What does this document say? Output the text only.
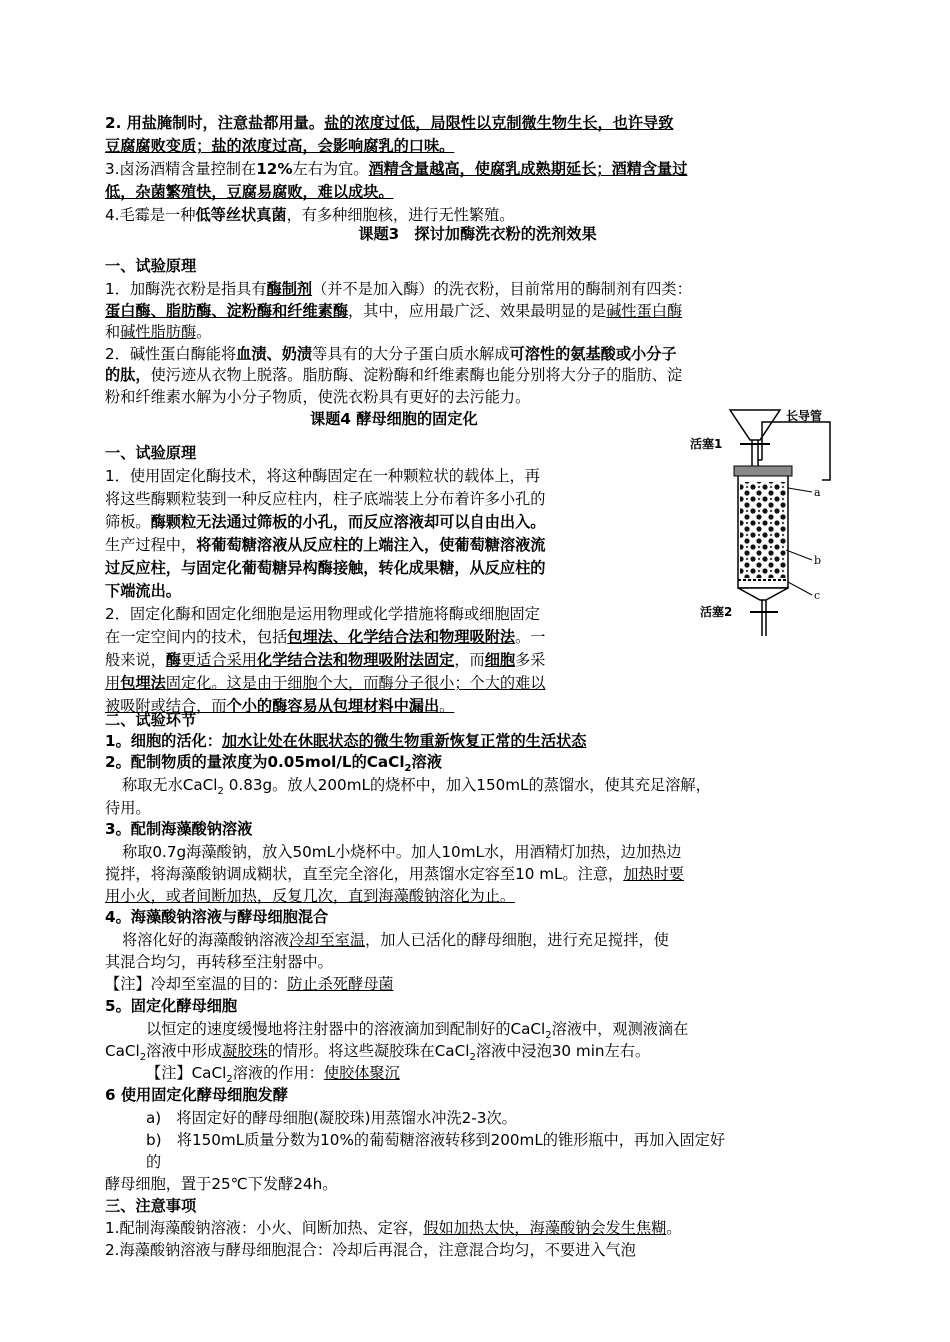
2. 用盐腌制时，注意盐都用量。盐的浓度过低，局限性以克制微生物生长，也许导致

豆腐腐败变质；盐的浓度过高，会影响腐乳的口味。

3.卤汤酒精含量控制在12%左右为宜。酒精含量越高，使腐乳成熟期延长；酒精含量过

低，杂菌繁殖快，豆腐易腐败，难以成块。

4.毛霉是一种低等丝状真菌，有多种细胞核，进行无性繁殖。

课题3　探讨加酶洗衣粉的洗剂效果

一、试验原理

1．加酶洗衣粉是指具有酶制剂（并不是加入酶）的洗衣粉，目前常用的酶制剂有四类：

蛋白酶、脂肪酶、淀粉酶和纤维素酶，其中，应用最广泛、效果最明显的是碱性蛋白酶

和碱性脂肪酶。

2．碱性蛋白酶能将血渍、奶渍等具有的大分子蛋白质水解成可溶性的氨基酸或小分子

的肽，使污迹从衣物上脱落。脂肪酶、淀粉酶和纤维素酶也能分别将大分子的脂肪、淀

粉和纤维素水解为小分子物质，使洗衣粉具有更好的去污能力。

课题4 酵母细胞的固定化

一、试验原理

1．使用固定化酶技术，将这种酶固定在一种颗粒状的载体上，再

将这些酶颗粒装到一种反应柱内，柱子底端装上分布着许多小孔的

筛板。酶颗粒无法通过筛板的小孔，而反应溶液却可以自由出入。

生产过程中，将葡萄糖溶液从反应柱的上端注入，使葡萄糖溶液流

过反应柱，与固定化葡萄糖异构酶接触，转化成果糖，从反应柱的

下端流出。

2．固定化酶和固定化细胞是运用物理或化学措施将酶或细胞固定

在一定空间内的技术，包括包埋法、化学结合法和物理吸附法。一

般来说，酶更适合采用化学结合法和物理吸附法固定，而细胞多采

用包埋法固定化。这是由于细胞个大，而酶分子很小；个大的难以

被吸附或结合，而个小的酶容易从包埋材料中漏出。

活塞1
长导管
a
b
c
活塞2

二、试验环节

1。细胞的活化：加水让处在休眠状态的微生物重新恢复正常的生活状态

2。配制物质的量浓度为0.05mol/L的CaCl$_2$溶液

称取无水CaCl$_2$ 0.83g。放人200mL的烧杯中，加入150mL的蒸馏水，使其充足溶解，

待用。

3。配制海藻酸钠溶液

称取0.7g海藻酸钠，放入50mL小烧杯中。加人10mL水，用酒精灯加热，边加热边

搅拌，将海藻酸钠调成糊状，直至完全溶化，用蒸馏水定容至10 mL。注意，加热时要

用小火，或者间断加热，反复几次，直到海藻酸钠溶化为止。

4。海藻酸钠溶液与酵母细胞混合

将溶化好的海藻酸钠溶液冷却至室温，加人已活化的酵母细胞，进行充足搅拌，使

其混合均匀，再转移至注射器中。

【注】冷却至室温的目的：防止杀死酵母菌

5。固定化酵母细胞

以恒定的速度缓慢地将注射器中的溶液滴加到配制好的CaCl$_2$溶液中，观测液滴在

CaCl$_2$溶液中形成凝胶珠的情形。将这些凝胶珠在CaCl$_2$溶液中浸泡30 min左右。

【注】CaCl$_2$溶液的作用：使胶体聚沉

6 使用固定化酵母细胞发酵

a)　将固定好的酵母细胞(凝胶珠)用蒸馏水冲洗2-3次。

b)　将150mL质量分数为10%的葡萄糖溶液转移到200mL的锥形瓶中，再加入固定好

的

酵母细胞，置于25℃下发酵24h。

三、注意事项

1.配制海藻酸钠溶液：小火、间断加热、定容，假如加热太快，海藻酸钠会发生焦糊。

2.海藻酸钠溶液与酵母细胞混合：冷却后再混合，注意混合均匀，不要进入气泡
